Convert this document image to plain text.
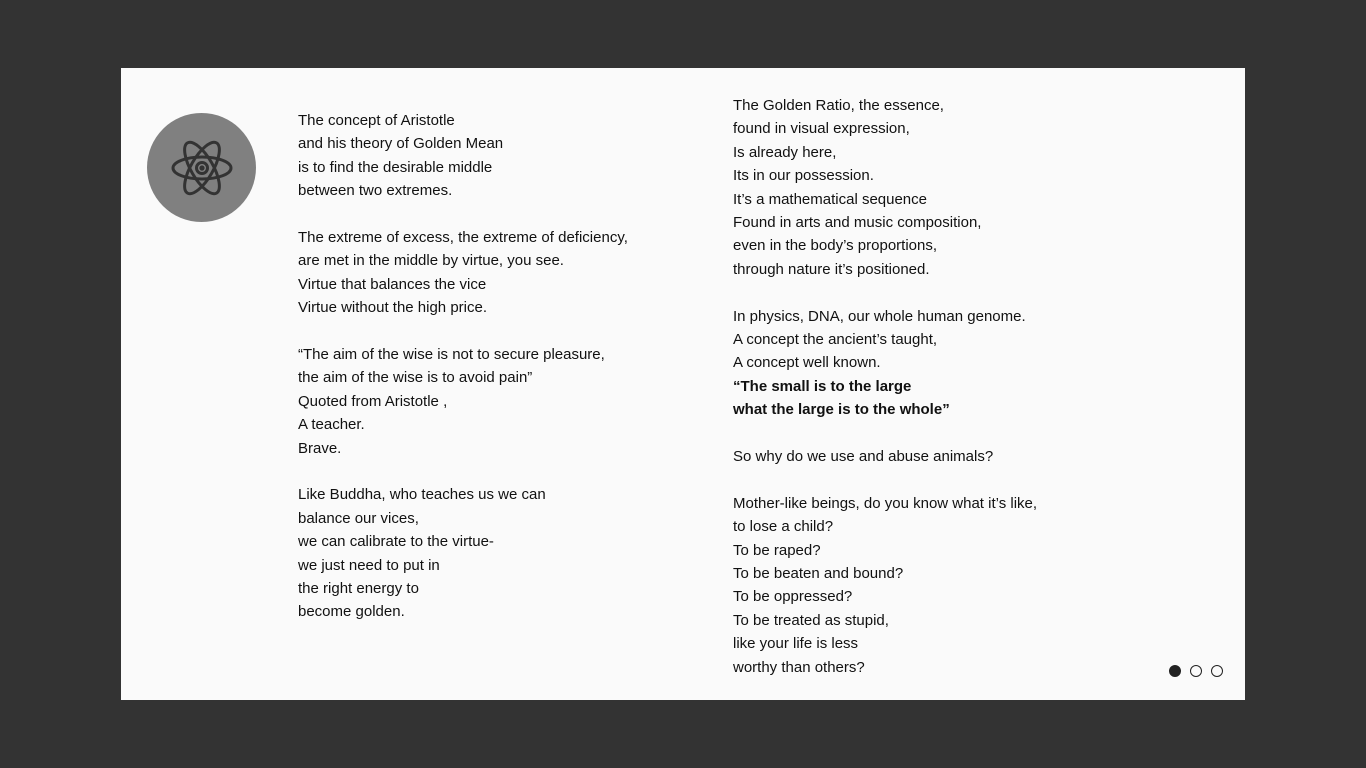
The concept of Aristotle
and his theory of Golden Mean
is to find the desirable middle
between two extremes.
The extreme of excess, the extreme of deficiency,
are met in the middle by virtue, you see.
Virtue that balances the vice
Virtue without the high price.
“The aim of the wise is not to secure pleasure,
the aim of the wise is to avoid pain”
Quoted from Aristotle ,
A teacher.
Brave.
Like Buddha, who teaches us we can
balance our vices,
we can calibrate to the virtue-
we just need to put in
the right energy to
become golden.
The Golden Ratio, the essence,
found in visual expression,
Is already here,
Its in our possession.
It’s a mathematical sequence
Found in arts and music composition,
even in the body’s proportions,
through nature it’s positioned.
In physics, DNA, our whole human genome.
A concept the ancient’s taught,
A concept well known.
“The small is to the large
what the large is to the whole”
So why do we use and abuse animals?
Mother-like beings, do you know what it’s like,
to lose a child?
To be raped?
To be beaten and bound?
To be oppressed?
To be treated as stupid,
like your life is less
worthy than others?
